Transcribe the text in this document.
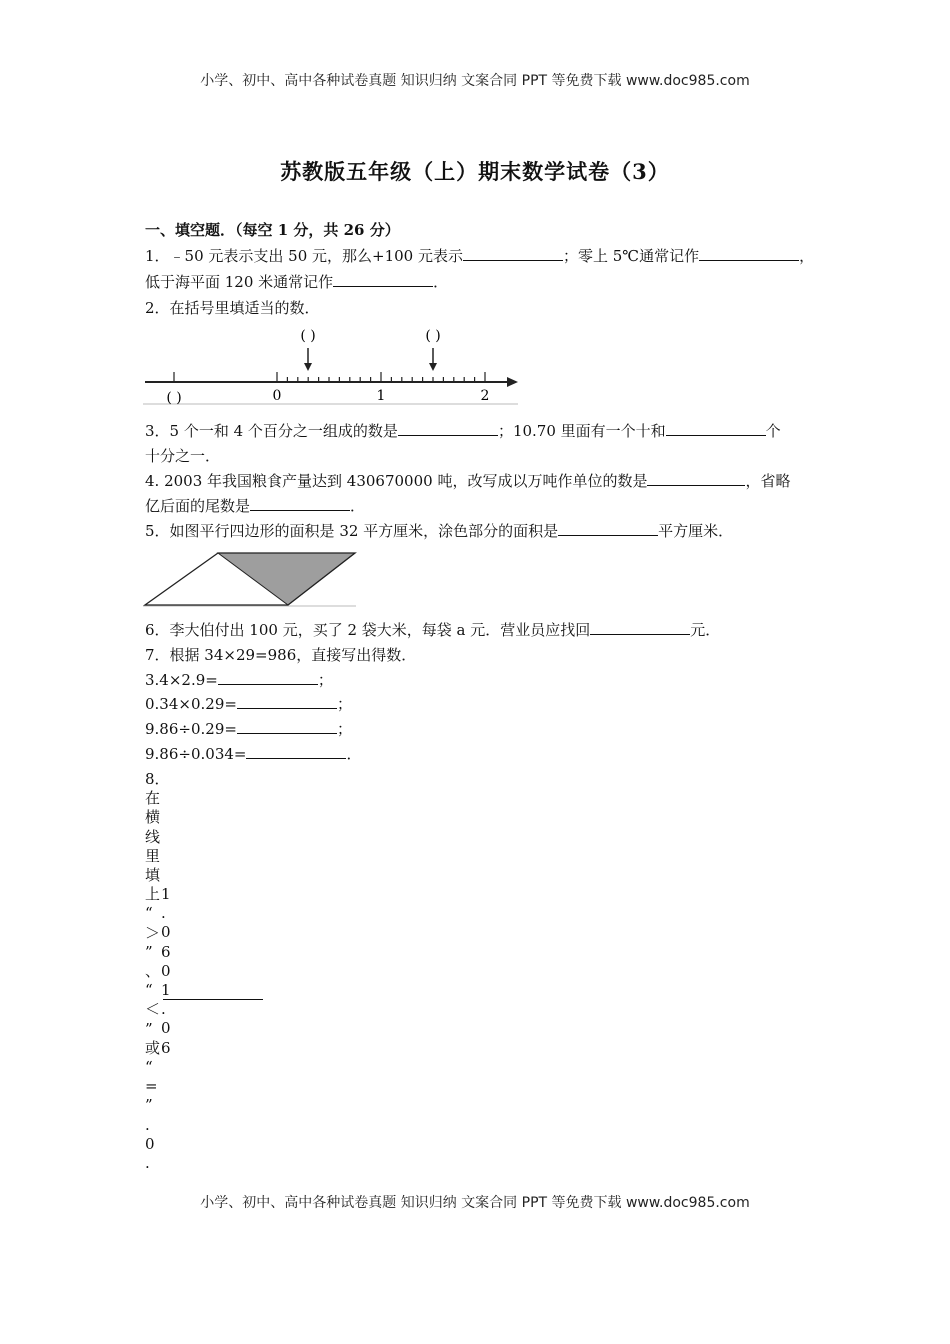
小学、初中、高中各种试卷真题 知识归纳 文案合同 PPT 等免费下载 www.doc985.com
苏教版五年级（上）期末数学试卷（3）
一、填空题．（每空 1 分，共 26 分）
1．﹣50 元表示支出 50 元，那么+100 元表示	；零上 5℃通常记作	，
低于海平面 120 米通常记作	．
2．在括号里填适当的数．
0	1	2
( )
( )	( )
3．5 个一和 4 个百分之一组成的数是	；10.70 里面有一个十和	个
十分之一．
4. 2003 年我国粮食产量达到 430670000 吨，改写成以万吨作单位的数是	，省略
亿后面的尾数是	．
5．如图平行四边形的面积是 32 平方厘米，涂色部分的面积是	平方厘米．
6．李大伯付出 100 元，买了 2 袋大米，每袋 a 元．营业员应找回	元．
7．根据 34×29=986，直接写出得数．
3.4×2.9=	；
0.34×0.29=	；
9.86÷0.29=	；
9.86÷0.034=	．
8．
在
横
线
里
填
上
“
＞
”
、
“
＜
”
或
“
=
”
.
0
.
1
.
0
6
0
1
.
0
6
小学、初中、高中各种试卷真题 知识归纳 文案合同 PPT 等免费下载 www.doc985.com
